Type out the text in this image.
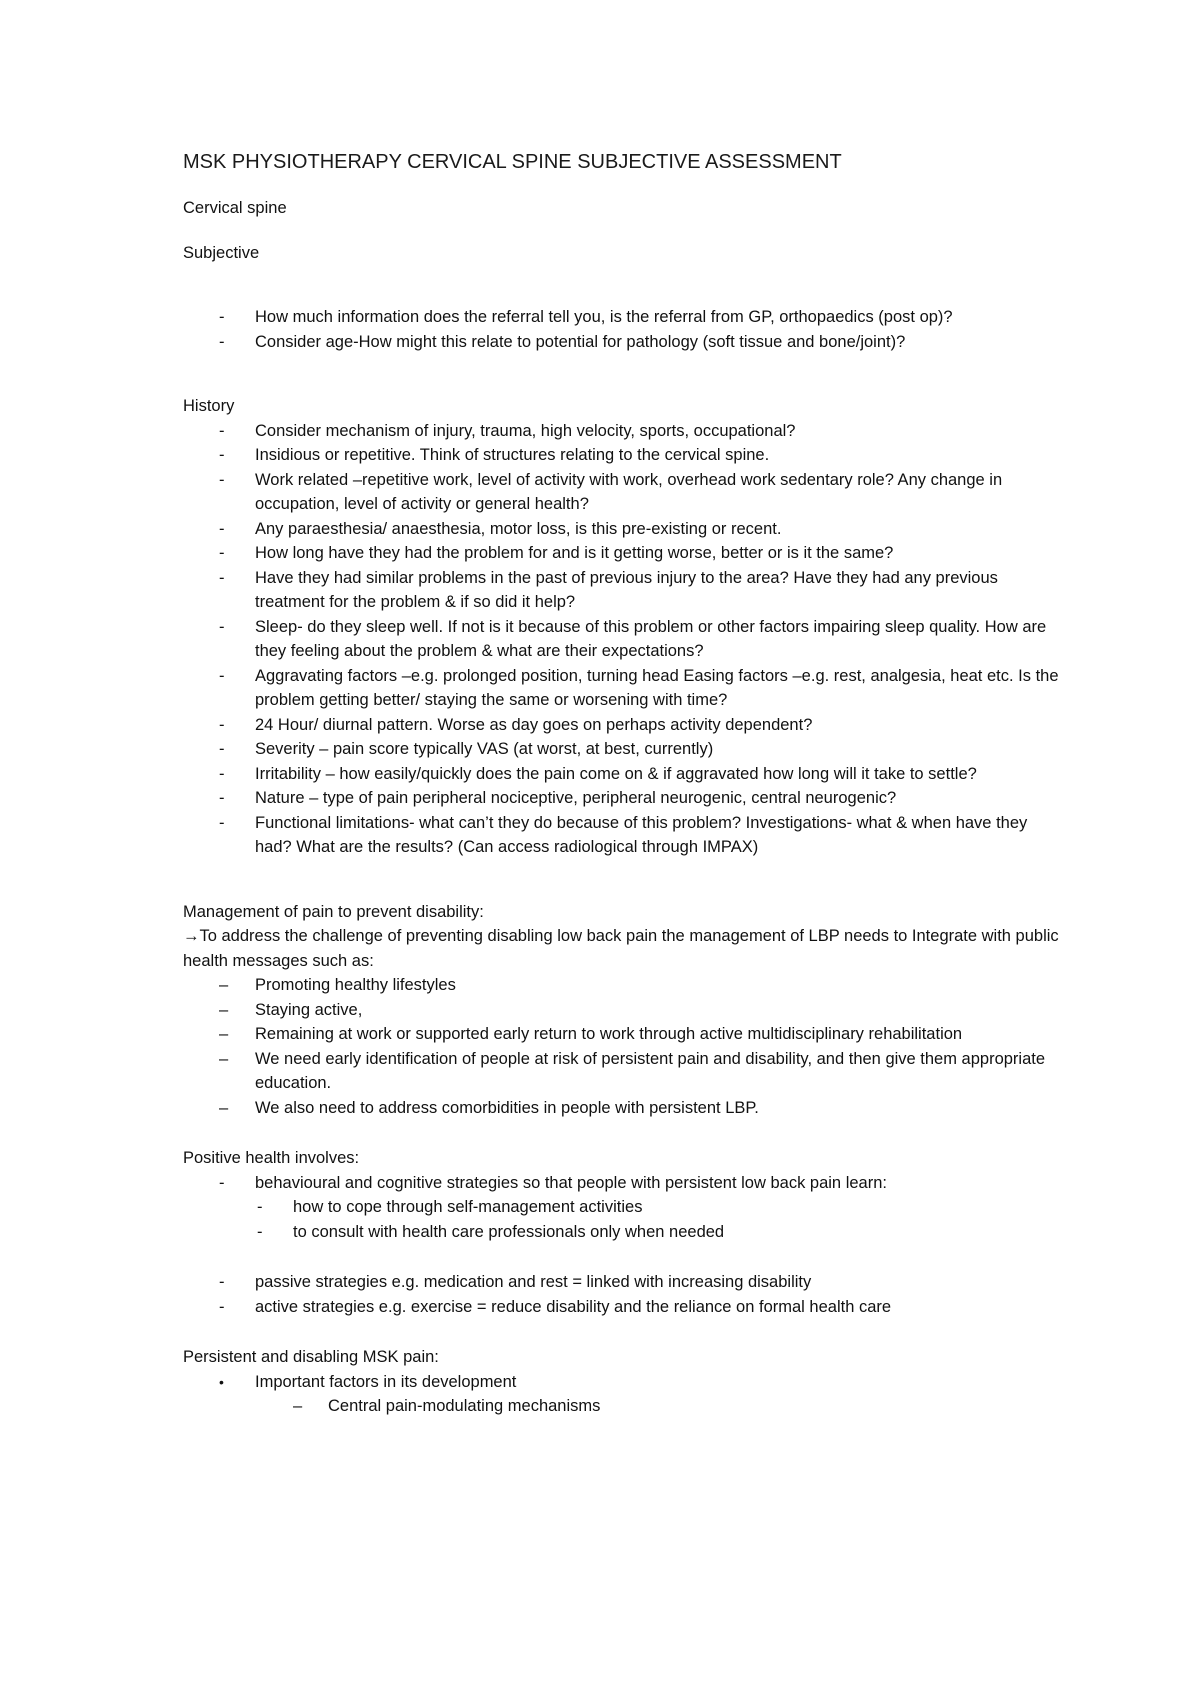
MSK PHYSIOTHERAPY CERVICAL SPINE SUBJECTIVE ASSESSMENT

Cervical spine

Subjective

- How much information does the referral tell you, is the referral from GP, orthopaedics (post op)?
- Consider age-How might this relate to potential for pathology (soft tissue and bone/joint)?

History

- Consider mechanism of injury, trauma, high velocity, sports, occupational?
- Insidious or repetitive. Think of structures relating to the cervical spine.
- Work related –repetitive work, level of activity with work, overhead work sedentary role? Any change in occupation, level of activity or general health?
- Any paraesthesia/ anaesthesia, motor loss, is this pre-existing or recent.
- How long have they had the problem for and is it getting worse, better or is it the same?
- Have they had similar problems in the past of previous injury to the area? Have they had any previous treatment for the problem & if so did it help?
- Sleep- do they sleep well. If not is it because of this problem or other factors impairing sleep quality. How are they feeling about the problem & what are their expectations?
- Aggravating factors –e.g. prolonged position, turning head Easing factors –e.g. rest, analgesia, heat etc. Is the problem getting better/ staying the same or worsening with time?
- 24 Hour/ diurnal pattern. Worse as day goes on perhaps activity dependent?
- Severity – pain score typically VAS (at worst, at best, currently)
- Irritability – how easily/quickly does the pain come on & if aggravated how long will it take to settle?
- Nature – type of pain peripheral nociceptive, peripheral neurogenic, central neurogenic?
- Functional limitations- what can’t they do because of this problem? Investigations- what & when have they had? What are the results? (Can access radiological through IMPAX)

Management of pain to prevent disability:

→To address the challenge of preventing disabling low back pain the management of LBP needs to Integrate with public health messages such as:

– Promoting healthy lifestyles
– Staying active,
– Remaining at work or supported early return to work through active multidisciplinary rehabilitation
– We need early identification of people at risk of persistent pain and disability, and then give them appropriate education.
– We also need to address comorbidities in people with persistent LBP.

Positive health involves:

- behavioural and cognitive strategies so that people with persistent low back pain learn:
- how to cope through self-management activities
- to consult with health care professionals only when needed
- passive strategies e.g. medication and rest = linked with increasing disability
- active strategies e.g. exercise = reduce disability and the reliance on formal health care

Persistent and disabling MSK pain:

• Important factors in its development
– Central pain-modulating mechanisms
